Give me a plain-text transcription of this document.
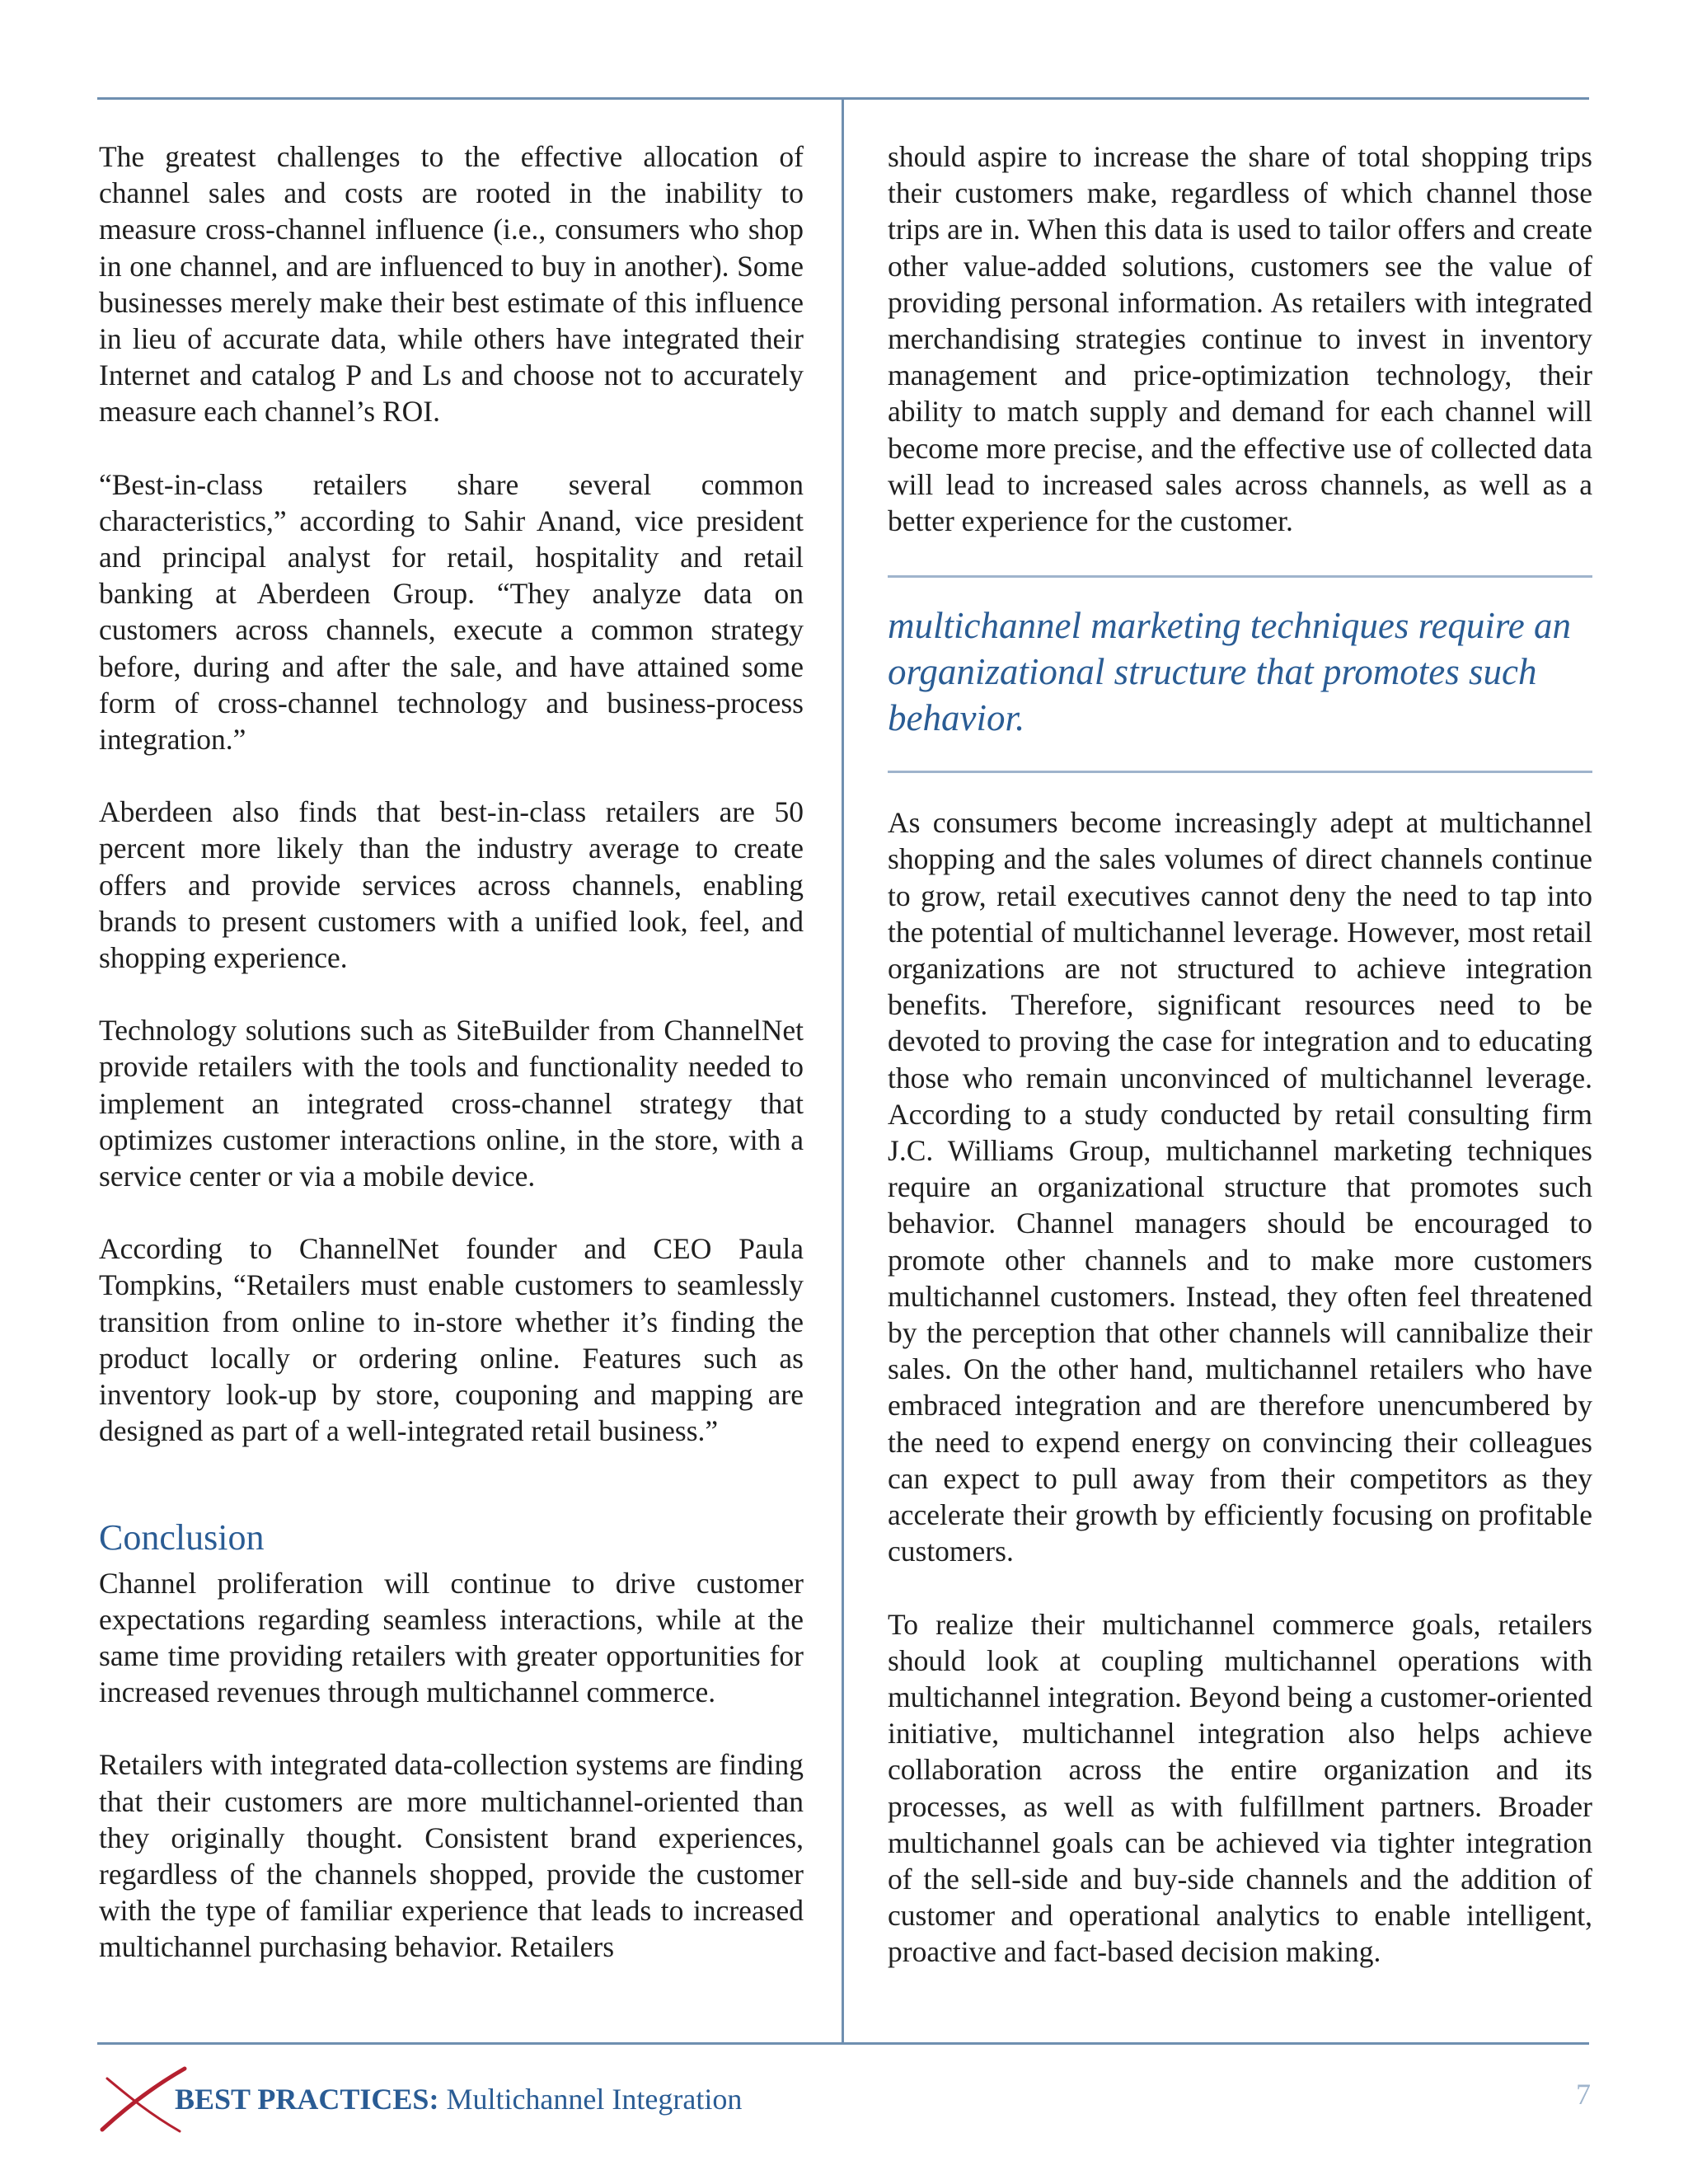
The greatest challenges to the effective allocation of channel sales and costs are rooted in the inability to measure cross-channel influence (i.e., consumers who shop in one channel, and are influenced to buy in another). Some businesses merely make their best estimate of this influence in lieu of accurate data, while others have integrated their Internet and catalog P and Ls and choose not to accurately measure each channel’s ROI.

“Best-in-class retailers share several common characteristics,” according to Sahir Anand, vice president and principal analyst for retail, hospitality and retail banking at Aberdeen Group. “They analyze data on customers across channels, execute a common strategy before, during and after the sale, and have attained some form of cross-channel technology and business-process integration.”

Aberdeen also finds that best-in-class retailers are 50 percent more likely than the industry average to create offers and provide services across channels, enabling brands to present customers with a unified look, feel, and shopping experience.

Technology solutions such as SiteBuilder from ChannelNet provide retailers with the tools and functionality needed to implement an integrated cross-channel strategy that optimizes customer interactions online, in the store, with a service center or via a mobile device.

According to ChannelNet founder and CEO Paula Tompkins, “Retailers must enable customers to seamlessly transition from online to in-store whether it’s finding the product locally or ordering online. Features such as inventory look-up by store, couponing and mapping are designed as part of a well-integrated retail business.”

Conclusion

Channel proliferation will continue to drive customer expectations regarding seamless interactions, while at the same time providing retailers with greater opportunities for increased revenues through multichannel commerce.

Retailers with integrated data-collection systems are finding that their customers are more multichannel-oriented than they originally thought. Consistent brand experiences, regardless of the channels shopped, provide the customer with the type of familiar experience that leads to increased multichannel purchasing behavior. Retailers

should aspire to increase the share of total shopping trips their customers make, regardless of which channel those trips are in. When this data is used to tailor offers and create other value-added solutions, customers see the value of providing personal information. As retailers with integrated merchandising strategies continue to invest in inventory management and price-optimization technology, their ability to match supply and demand for each channel will become more precise, and the effective use of collected data will lead to increased sales across channels, as well as a better experience for the customer.

multichannel marketing techniques require an organizational structure that promotes such behavior.

As consumers become increasingly adept at multichannel shopping and the sales volumes of direct channels continue to grow, retail executives cannot deny the need to tap into the potential of multichannel leverage. However, most retail organizations are not structured to achieve integration benefits. Therefore, significant resources need to be devoted to proving the case for integration and to educating those who remain unconvinced of multichannel leverage. According to a study conducted by retail consulting firm J.C. Williams Group, multichannel marketing techniques require an organizational structure that promotes such behavior. Channel managers should be encouraged to promote other channels and to make more customers multichannel customers. Instead, they often feel threatened by the perception that other channels will cannibalize their sales. On the other hand, multichannel retailers who have embraced integration and are therefore unencumbered by the need to expend energy on convincing their colleagues can expect to pull away from their competitors as they accelerate their growth by efficiently focusing on profitable customers.

To realize their multichannel commerce goals, retailers should look at coupling multichannel operations with multichannel integration. Beyond being a customer-oriented initiative, multichannel integration also helps achieve collaboration across the entire organization and its processes, as well as with fulfillment partners. Broader multichannel goals can be achieved via tighter integration of the sell-side and buy-side channels and the addition of customer and operational analytics to enable intelligent, proactive and fact-based decision making.

BEST PRACTICES: Multichannel Integration	7
